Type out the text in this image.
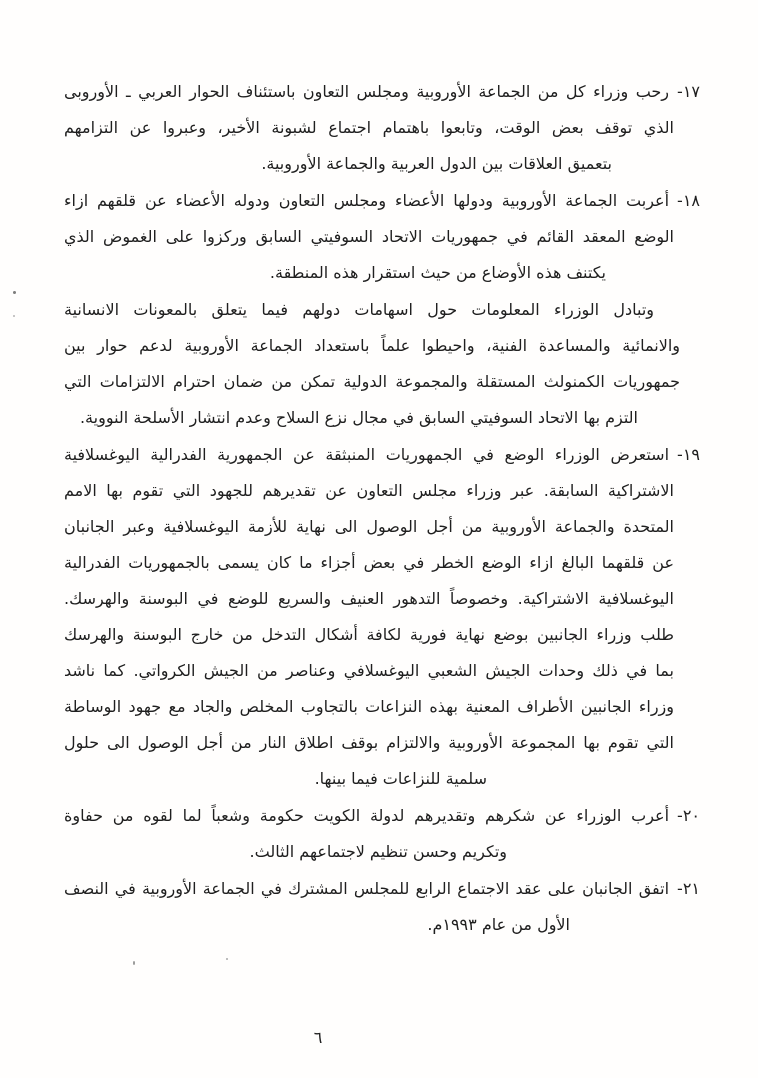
١٧-رحب وزراء كل من الجماعة الأوروبية ومجلس التعاون باستئناف الحوار العربي ـ الأوروبى
الذي توقف بعض الوقت، وتابعوا باهتمام اجتماع لشبونة الأخير، وعبروا عن التزامهم
بتعميق العلاقات بين الدول العربية والجماعة الأوروبية.
١٨-أعربت الجماعة الأوروبية ودولها الأعضاء ومجلس التعاون ودوله الأعضاء عن قلقهم ازاء
الوضع المعقد القائم في جمهوريات الاتحاد السوفيتي السابق وركزوا على الغموض الذي
يكتنف هذه الأوضاع من حيث استقرار هذه المنطقة.
وتبادل الوزراء المعلومات حول اسهامات دولهم فيما يتعلق بالمعونات الانسانية
والانمائية والمساعدة الفنية، واحيطوا علماً باستعداد الجماعة الأوروبية لدعم حوار بين
جمهوريات الكمنولث المستقلة والمجموعة الدولية تمكن من ضمان احترام الالتزامات التي
التزم بها الاتحاد السوفيتي السابق في مجال نزع السلاح وعدم انتشار الأسلحة النووية.
١٩-استعرض الوزراء الوضع في الجمهوريات المنبثقة عن الجمهورية الفدرالية اليوغسلافية
الاشتراكية السابقة. عبر وزراء مجلس التعاون عن تقديرهم للجهود التي تقوم بها الامم
المتحدة والجماعة الأوروبية من أجل الوصول الى نهاية للأزمة اليوغسلافية وعبر الجانبان
عن قلقهما البالغ ازاء الوضع الخطر في بعض أجزاء ما كان يسمى بالجمهوريات الفدرالية
اليوغسلافية الاشتراكية. وخصوصاً التدهور العنيف والسريع للوضع في البوسنة والهرسك.
طلب وزراء الجانبين بوضع نهاية فورية لكافة أشكال التدخل من خارج البوسنة والهرسك
بما في ذلك وحدات الجيش الشعبي اليوغسلافي وعناصر من الجيش الكرواتي. كما ناشد
وزراء الجانبين الأطراف المعنية بهذه النزاعات بالتجاوب المخلص والجاد مع جهود الوساطة
التي تقوم بها المجموعة الأوروبية والالتزام بوقف اطلاق النار من أجل الوصول الى حلول
سلمية للنزاعات فيما بينها.
٢٠-أعرب الوزراء عن شكرهم وتقديرهم لدولة الكويت حكومة وشعباً لما لقوه من حفاوة
وتكريم وحسن تنظيم لاجتماعهم الثالث.
٢١-اتفق الجانبان على عقد الاجتماع الرابع للمجلس المشترك في الجماعة الأوروبية في النصف
الأول من عام ١٩٩٣م.
٦
